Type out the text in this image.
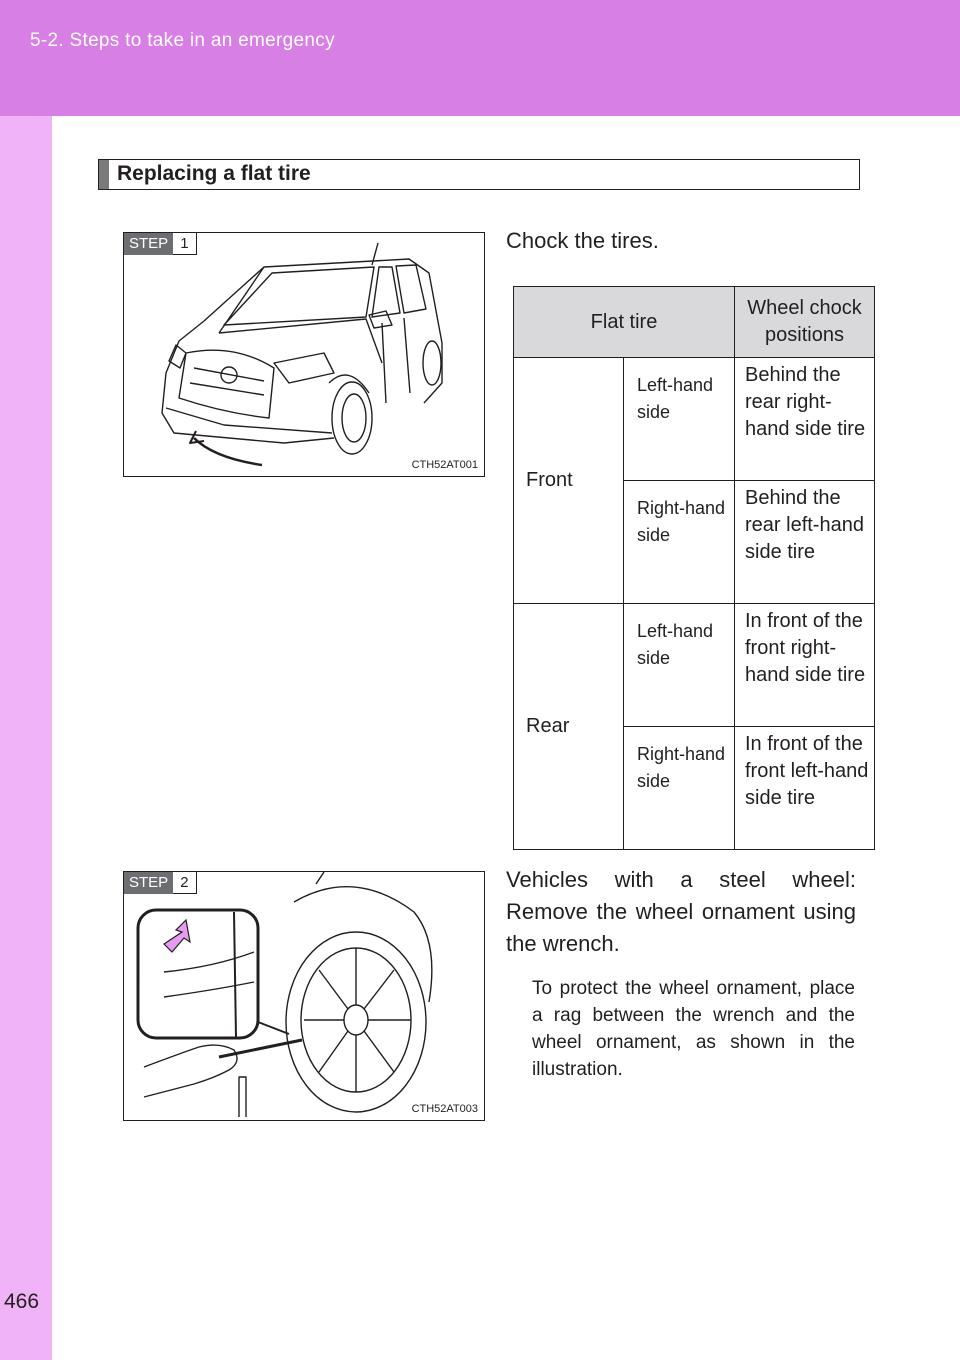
5-2. Steps to take in an emergency
466
Replacing a flat tire
STEP 1
CTH52AT001
Chock the tires.
Flat tire		Wheel chock positions
Front	Left-hand side	Behind the rear right-hand side tire
	Right-hand side	Behind the rear left-hand side tire
Rear	Left-hand side	In front of the front right-hand side tire
	Right-hand side	In front of the front left-hand side tire
STEP 2
CTH52AT003
Vehicles with a steel wheel: Remove the wheel ornament using the wrench.
To protect the wheel ornament, place a rag between the wrench and the wheel ornament, as shown in the illustration.
